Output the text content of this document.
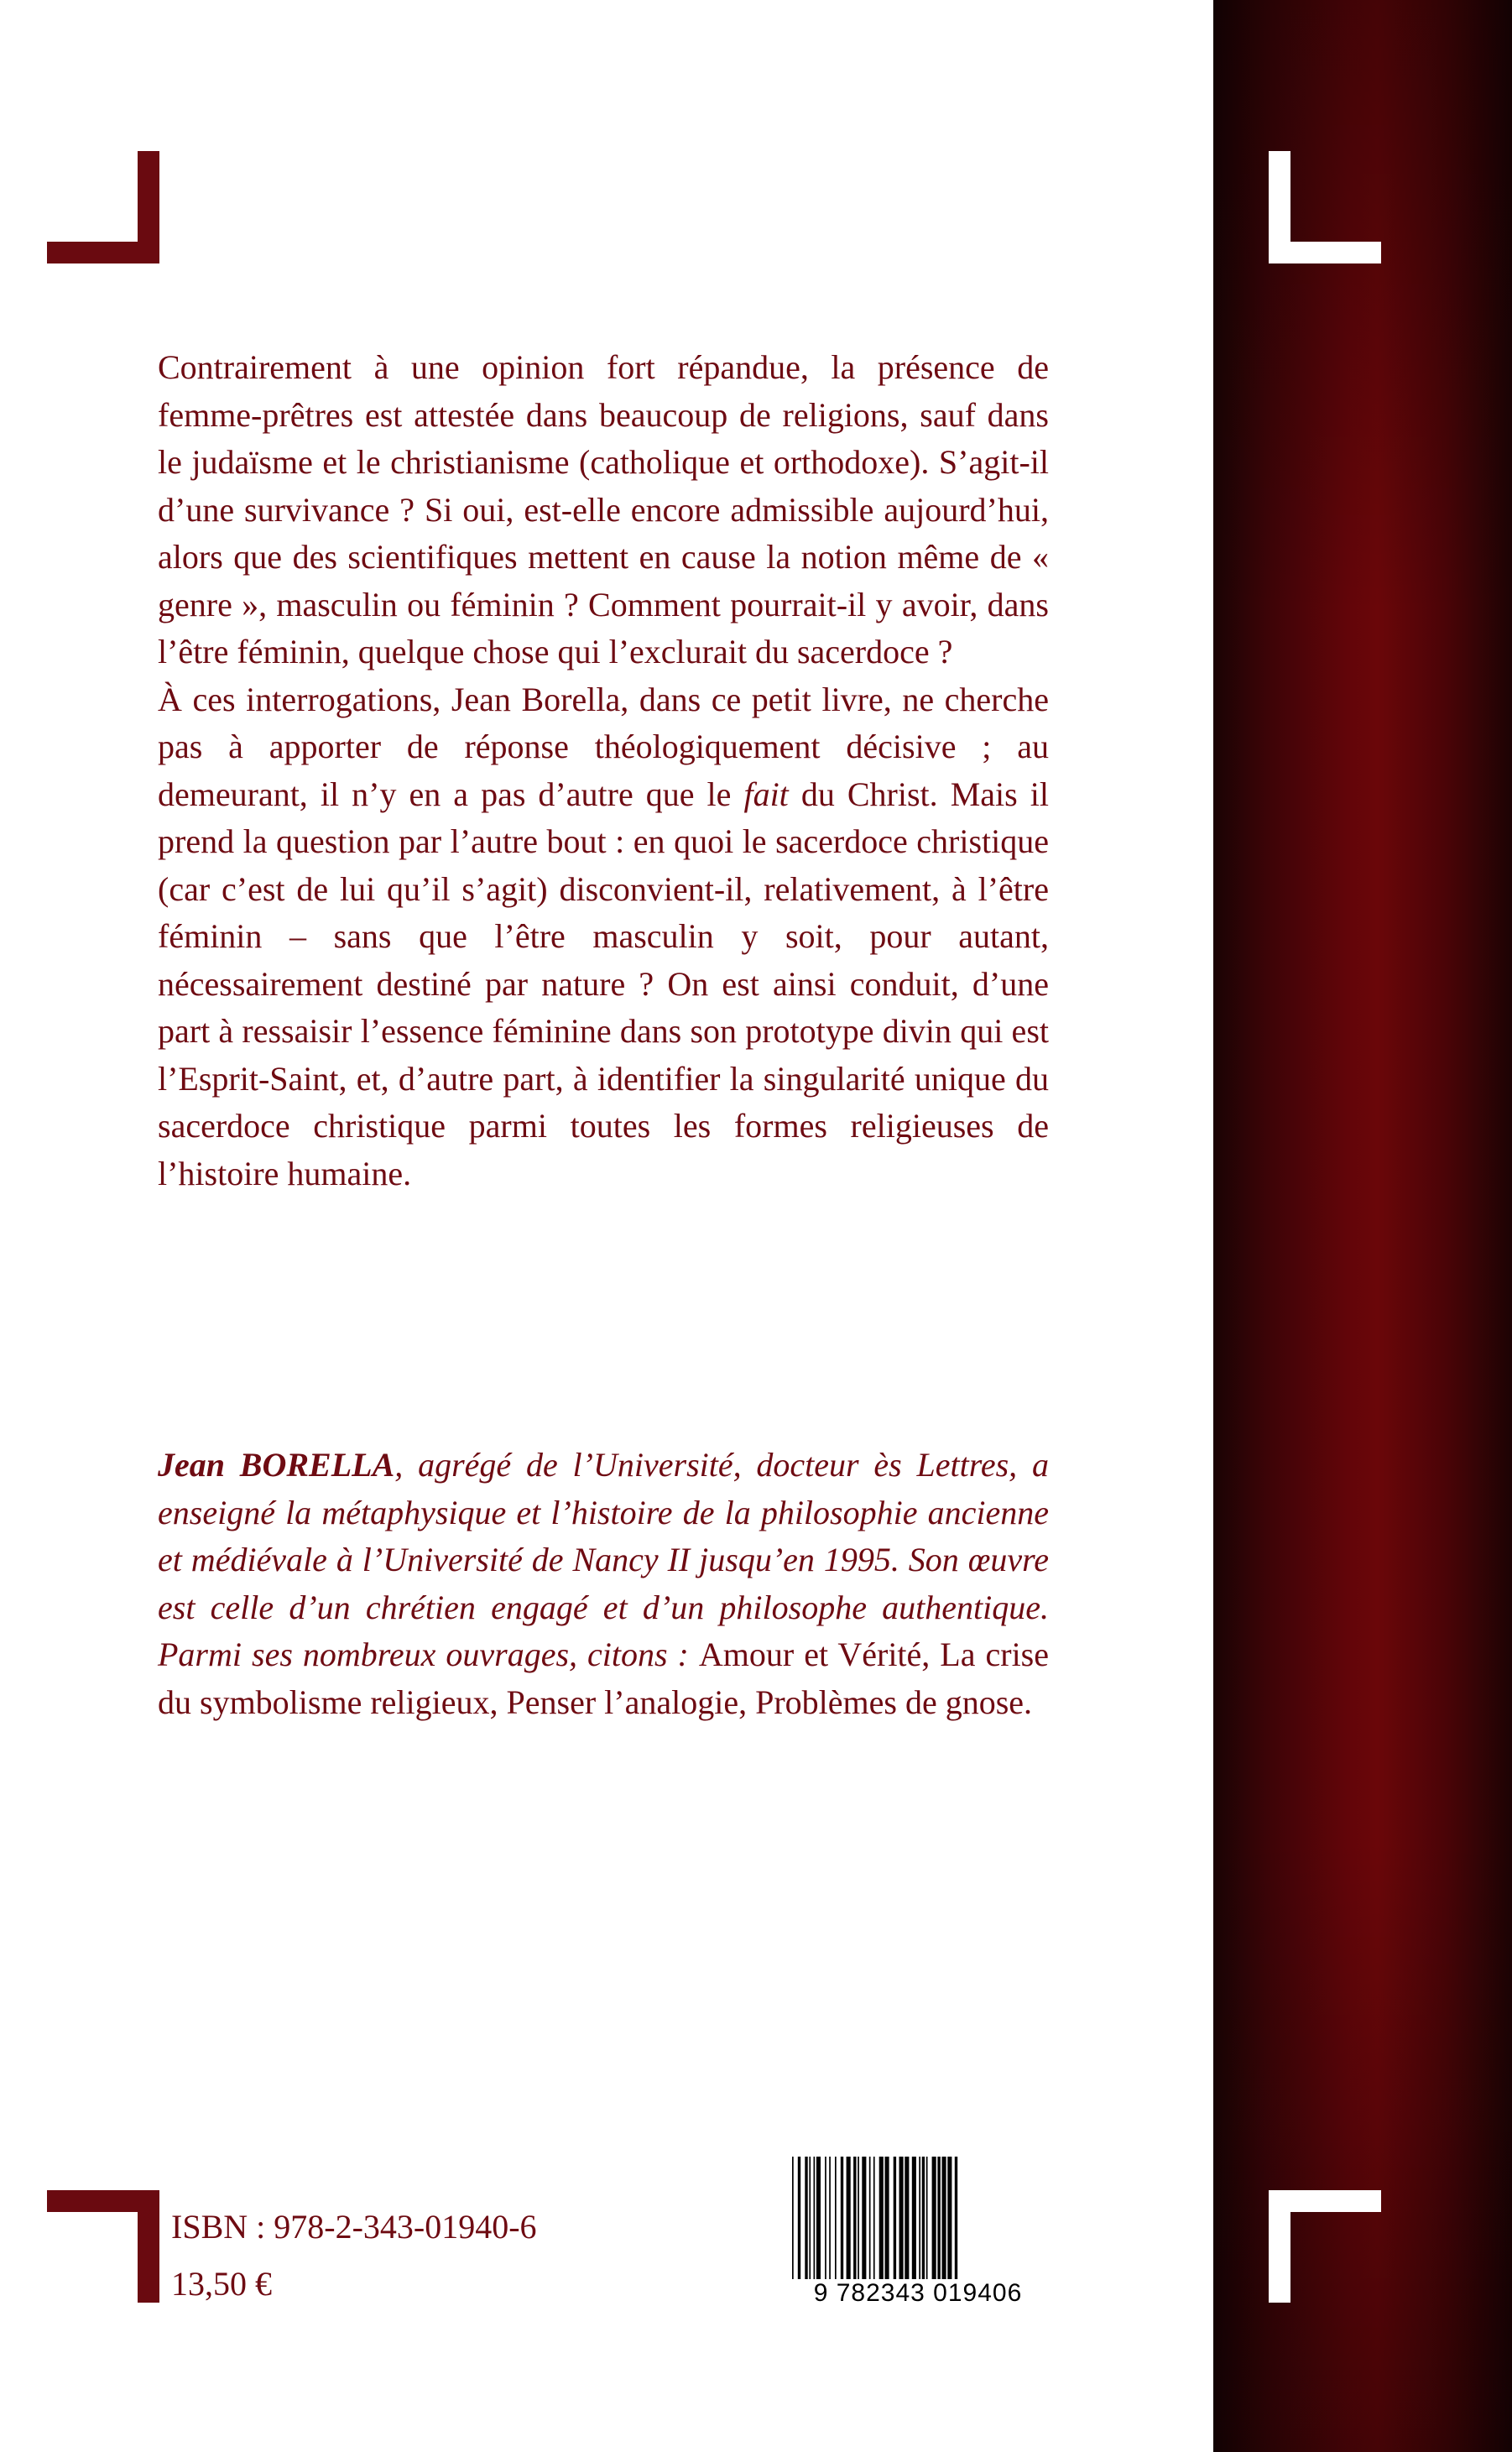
Contrairement à une opinion fort répandue, la présence de femme-prêtres est attestée dans beaucoup de religions, sauf dans le judaïsme et le christianisme (catholique et orthodoxe). S’agit-il d’une survivance ? Si oui, est-elle encore admissible aujourd’hui, alors que des scientifiques mettent en cause la notion même de « genre », masculin ou féminin ? Comment pourrait-il y avoir, dans l’être féminin, quelque chose qui l’exclurait du sacerdoce ?

À ces interrogations, Jean Borella, dans ce petit livre, ne cherche pas à apporter de réponse théologiquement décisive ; au demeurant, il n’y en a pas d’autre que le fait du Christ. Mais il prend la question par l’autre bout : en quoi le sacerdoce christique (car c’est de lui qu’il s’agit) disconvient-il, relativement, à l’être féminin – sans que l’être masculin y soit, pour autant, nécessairement destiné par nature ? On est ainsi conduit, d’une part à ressaisir l’essence féminine dans son prototype divin qui est l’Esprit-Saint, et, d’autre part, à identifier la singularité unique du sacerdoce christique parmi toutes les formes religieuses de l’histoire humaine.

Jean BORELLA, agrégé de l’Université, docteur ès Lettres, a enseigné la métaphysique et l’histoire de la philosophie ancienne et médiévale à l’Université de Nancy II jusqu’en 1995. Son œuvre est celle d’un chrétien engagé et d’un philosophe authentique. Parmi ses nombreux ouvrages, citons : Amour et Vérité, La crise du symbolisme religieux, Penser l’analogie, Problèmes de gnose.

ISBN : 978-2-343-01940-6
13,50 €	9 782343 019406
